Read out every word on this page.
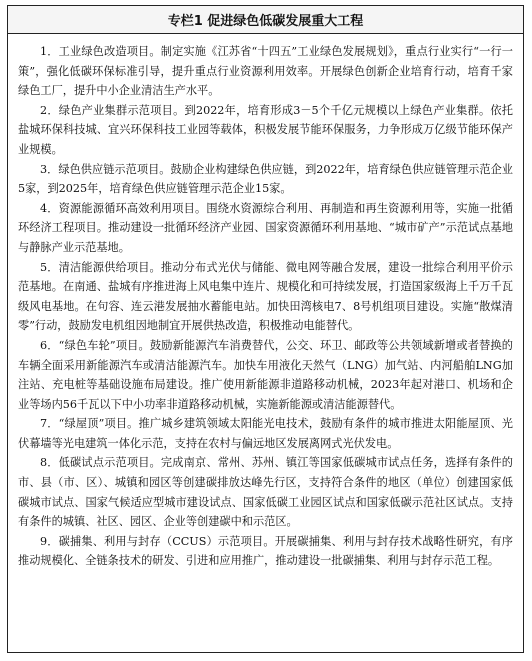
专栏1 促进绿色低碳发展重大工程

1．工业绿色改造项目。制定实施《江苏省“十四五”工业绿色发展规划》，重点行业实行“一行一策”，强化低碳环保标准引导，提升重点行业资源利用效率。开展绿色创新企业培育行动，培育千家绿色工厂，提升中小企业清洁生产水平。

2．绿色产业集群示范项目。到2022年，培育形成3－5个千亿元规模以上绿色产业集群。依托盐城环保科技城、宜兴环保科技工业园等载体，积极发展节能环保服务，力争形成万亿级节能环保产业规模。

3．绿色供应链示范项目。鼓励企业构建绿色供应链，到2022年，培育绿色供应链管理示范企业5家，到2025年，培育绿色供应链管理示范企业15家。

4．资源能源循环高效利用项目。围绕水资源综合利用、再制造和再生资源利用等，实施一批循环经济工程项目。推动建设一批循环经济产业园、国家资源循环利用基地、“城市矿产”示范试点基地与静脉产业示范基地。

5．清洁能源供给项目。推动分布式光伏与储能、微电网等融合发展，建设一批综合利用平价示范基地。在南通、盐城有序推进海上风电集中连片、规模化和可持续发展，打造国家级海上千万千瓦级风电基地。在句容、连云港发展抽水蓄能电站。加快田湾核电7、8号机组项目建设。实施“散煤清零”行动，鼓励发电机组因地制宜开展供热改造，积极推动电能替代。

6．“绿色车轮”项目。鼓励新能源汽车消费替代，公交、环卫、邮政等公共领域新增或者替换的车辆全面采用新能源汽车或清洁能源汽车。加快车用液化天然气（LNG）加气站、内河船舶LNG加注站、充电桩等基础设施布局建设。推广使用新能源非道路移动机械，2023年起对港口、机场和企业等场内56千瓦以下中小功率非道路移动机械，实施新能源或清洁能源替代。

7．“绿屋顶”项目。推广城乡建筑领域太阳能光电技术，鼓励有条件的城市推进太阳能屋顶、光伏幕墙等光电建筑一体化示范，支持在农村与偏远地区发展离网式光伏发电。

8．低碳试点示范项目。完成南京、常州、苏州、镇江等国家低碳城市试点任务，选择有条件的市、县（市、区）、城镇和园区等创建碳排放达峰先行区，支持符合条件的地区（单位）创建国家低碳城市试点、国家气候适应型城市建设试点、国家低碳工业园区试点和国家低碳示范社区试点。支持有条件的城镇、社区、园区、企业等创建碳中和示范区。

9．碳捕集、利用与封存（CCUS）示范项目。开展碳捕集、利用与封存技术战略性研究，有序推动规模化、全链条技术的研发、引进和应用推广，推动建设一批碳捕集、利用与封存示范工程。
